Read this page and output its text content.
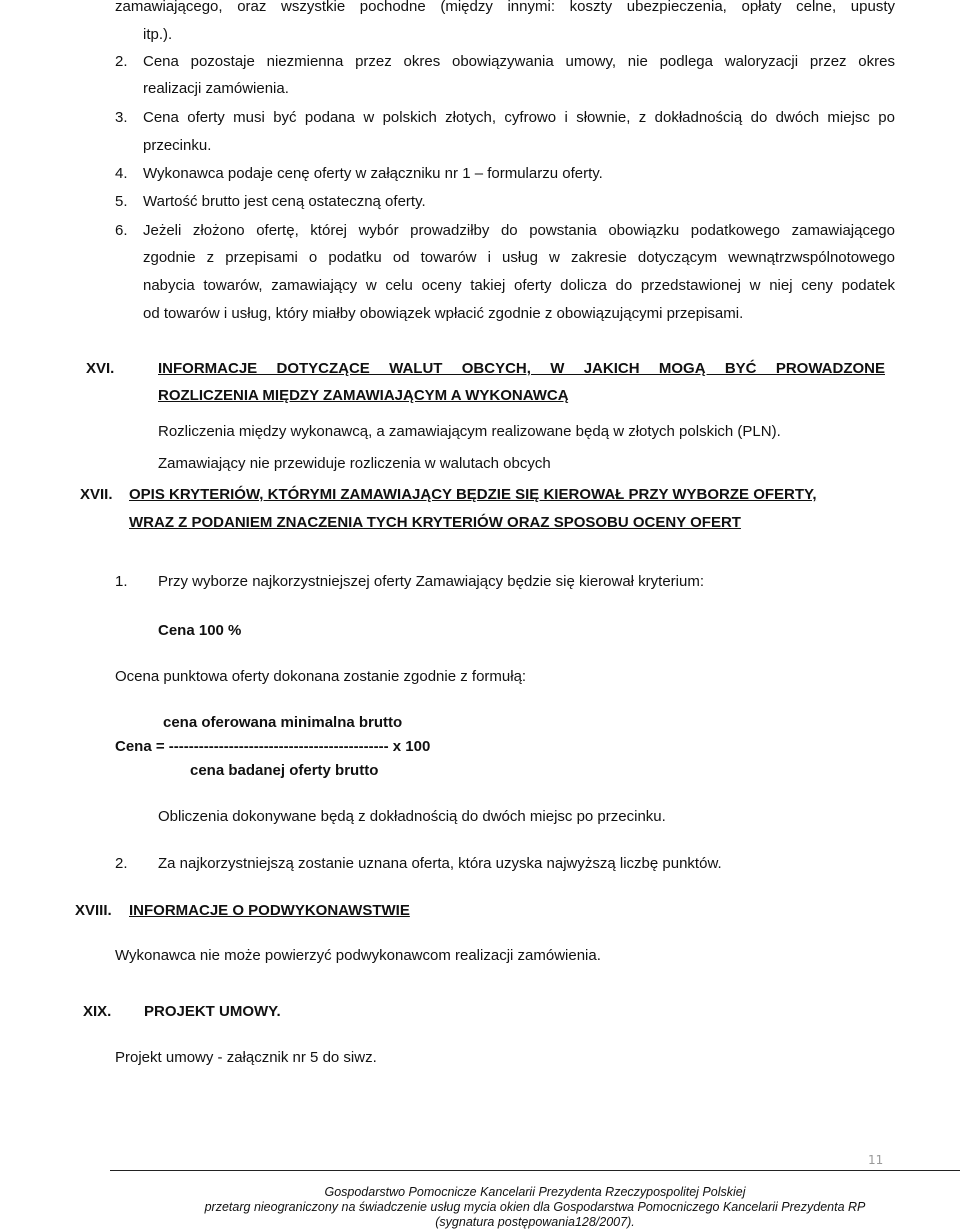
zamawiającego, oraz wszystkie pochodne (między innymi: koszty ubezpieczenia, opłaty celne, upusty
itp.).
2. Cena pozostaje niezmienna przez okres obowiązywania umowy, nie podlega waloryzacji przez okres
realizacji zamówienia.
3. Cena oferty musi być podana w polskich złotych, cyfrowo i słownie, z dokładnością do dwóch miejsc po
przecinku.
4. Wykonawca podaje cenę oferty w załączniku nr 1 – formularzu oferty.
5. Wartość brutto jest ceną ostateczną oferty.
6. Jeżeli złożono ofertę, której wybór prowadziłby do powstania obowiązku podatkowego zamawiającego
zgodnie z przepisami o podatku od towarów i usług w zakresie dotyczącym wewnątrzwspólnotowego
nabycia towarów, zamawiający w celu oceny takiej oferty dolicza do przedstawionej w niej ceny podatek
od towarów i usług, który miałby obowiązek wpłacić zgodnie z obowiązującymi przepisami.
XVI.	INFORMACJE DOTYCZĄCE WALUT OBCYCH, W JAKICH MOGĄ BYĆ PROWADZONE
ROZLICZENIA MIĘDZY ZAMAWIAJĄCYM A WYKONAWCĄ
Rozliczenia między wykonawcą, a zamawiającym realizowane będą w złotych polskich (PLN).
Zamawiający nie przewiduje rozliczenia w walutach obcych
XVII. OPIS KRYTERIÓW, KTÓRYMI ZAMAWIAJĄCY BĘDZIE SIĘ KIEROWAŁ PRZY WYBORZE OFERTY,
WRAZ Z PODANIEM ZNACZENIA TYCH KRYTERIÓW ORAZ SPOSOBU OCENY OFERT
1. Przy wyborze najkorzystniejszej oferty Zamawiający będzie się kierował kryterium:
Cena 100 %
Ocena punktowa oferty dokonana zostanie zgodnie z formułą:
cena oferowana minimalna brutto
Cena = -------------------------------------------- x 100
cena badanej oferty brutto
Obliczenia dokonywane będą z dokładnością do dwóch miejsc po przecinku.
2. Za najkorzystniejszą zostanie uznana oferta, która uzyska najwyższą liczbę punktów.
XVIII. INFORMACJE O PODWYKONAWSTWIE
Wykonawca nie może powierzyć podwykonawcom realizacji zamówienia.
XIX. PROJEKT UMOWY.
Projekt umowy - załącznik nr 5 do siwz.
11
Gospodarstwo Pomocnicze Kancelarii Prezydenta Rzeczypospolitej Polskiej
przetarg nieograniczony na świadczenie usług mycia okien dla Gospodarstwa Pomocniczego Kancelarii Prezydenta RP
(sygnatura postępowania128/2007).
